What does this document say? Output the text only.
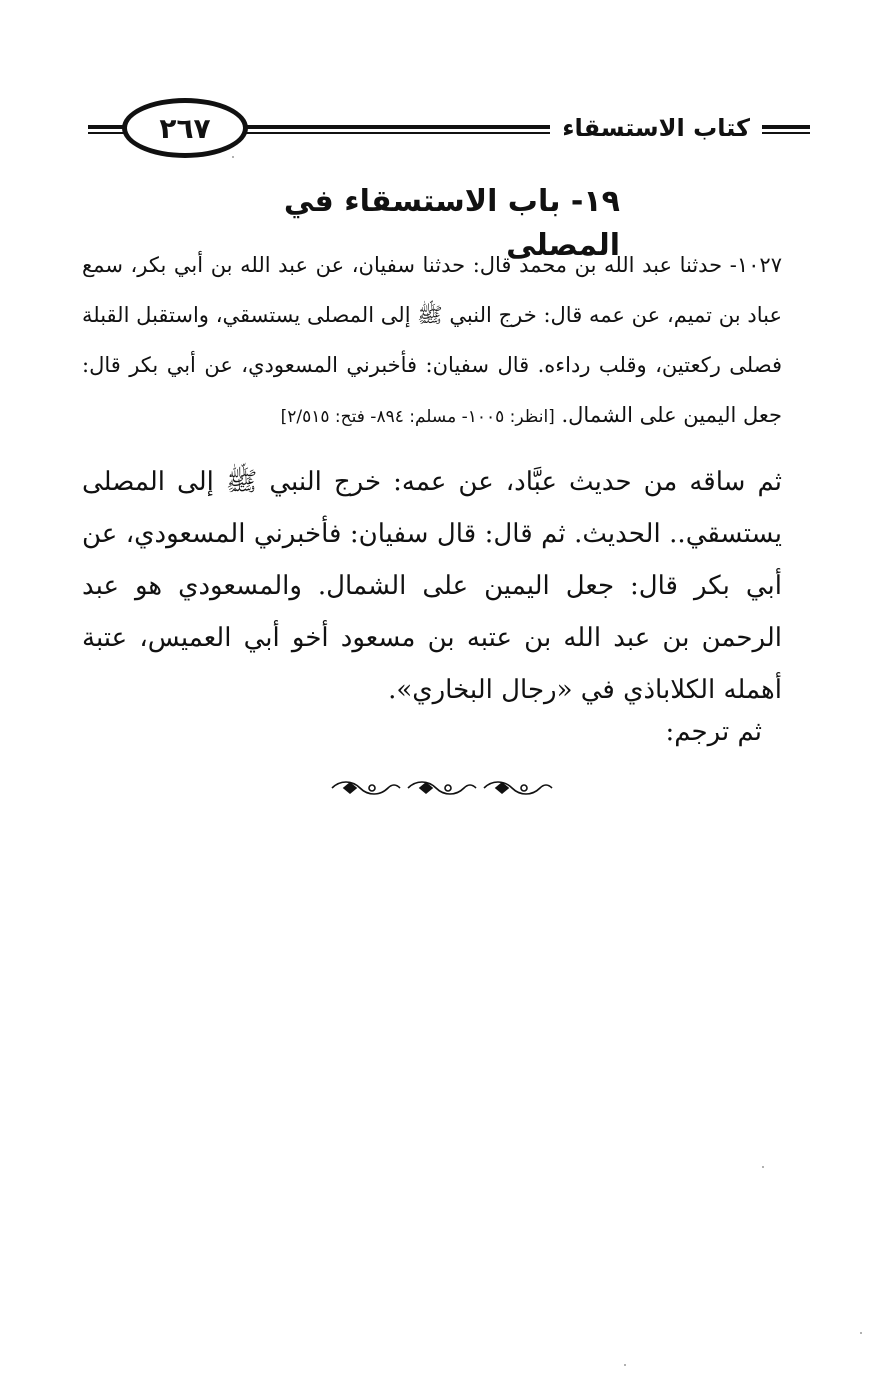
٢٦٧	كتاب الاستسقاء
١٩- باب الاستسقاء في المصلى
١٠٢٧- حدثنا عبد الله بن محمد قال: حدثنا سفيان، عن عبد الله بن أبي بكر، سمع عباد بن تميم، عن عمه قال: خرج النبي ﷺ إلى المصلى يستسقي، واستقبل القبلة فصلى ركعتين، وقلب رداءه. قال سفيان: فأخبرني المسعودي، عن أبي بكر قال: جعل اليمين على الشمال. [انظر: ١٠٠٥- مسلم: ٨٩٤- فتح: ٢/٥١٥]
ثم ساقه من حديث عبَّاد، عن عمه: خرج النبي ﷺ إلى المصلى يستسقي.. الحديث. ثم قال: قال سفيان: فأخبرني المسعودي، عن أبي بكر قال: جعل اليمين على الشمال. والمسعودي هو عبد الرحمن بن عبد الله بن عتبه بن مسعود أخو أبي العميس، عتبة أهمله الكلاباذي في «رجال البخاري».
ثم ترجم:
